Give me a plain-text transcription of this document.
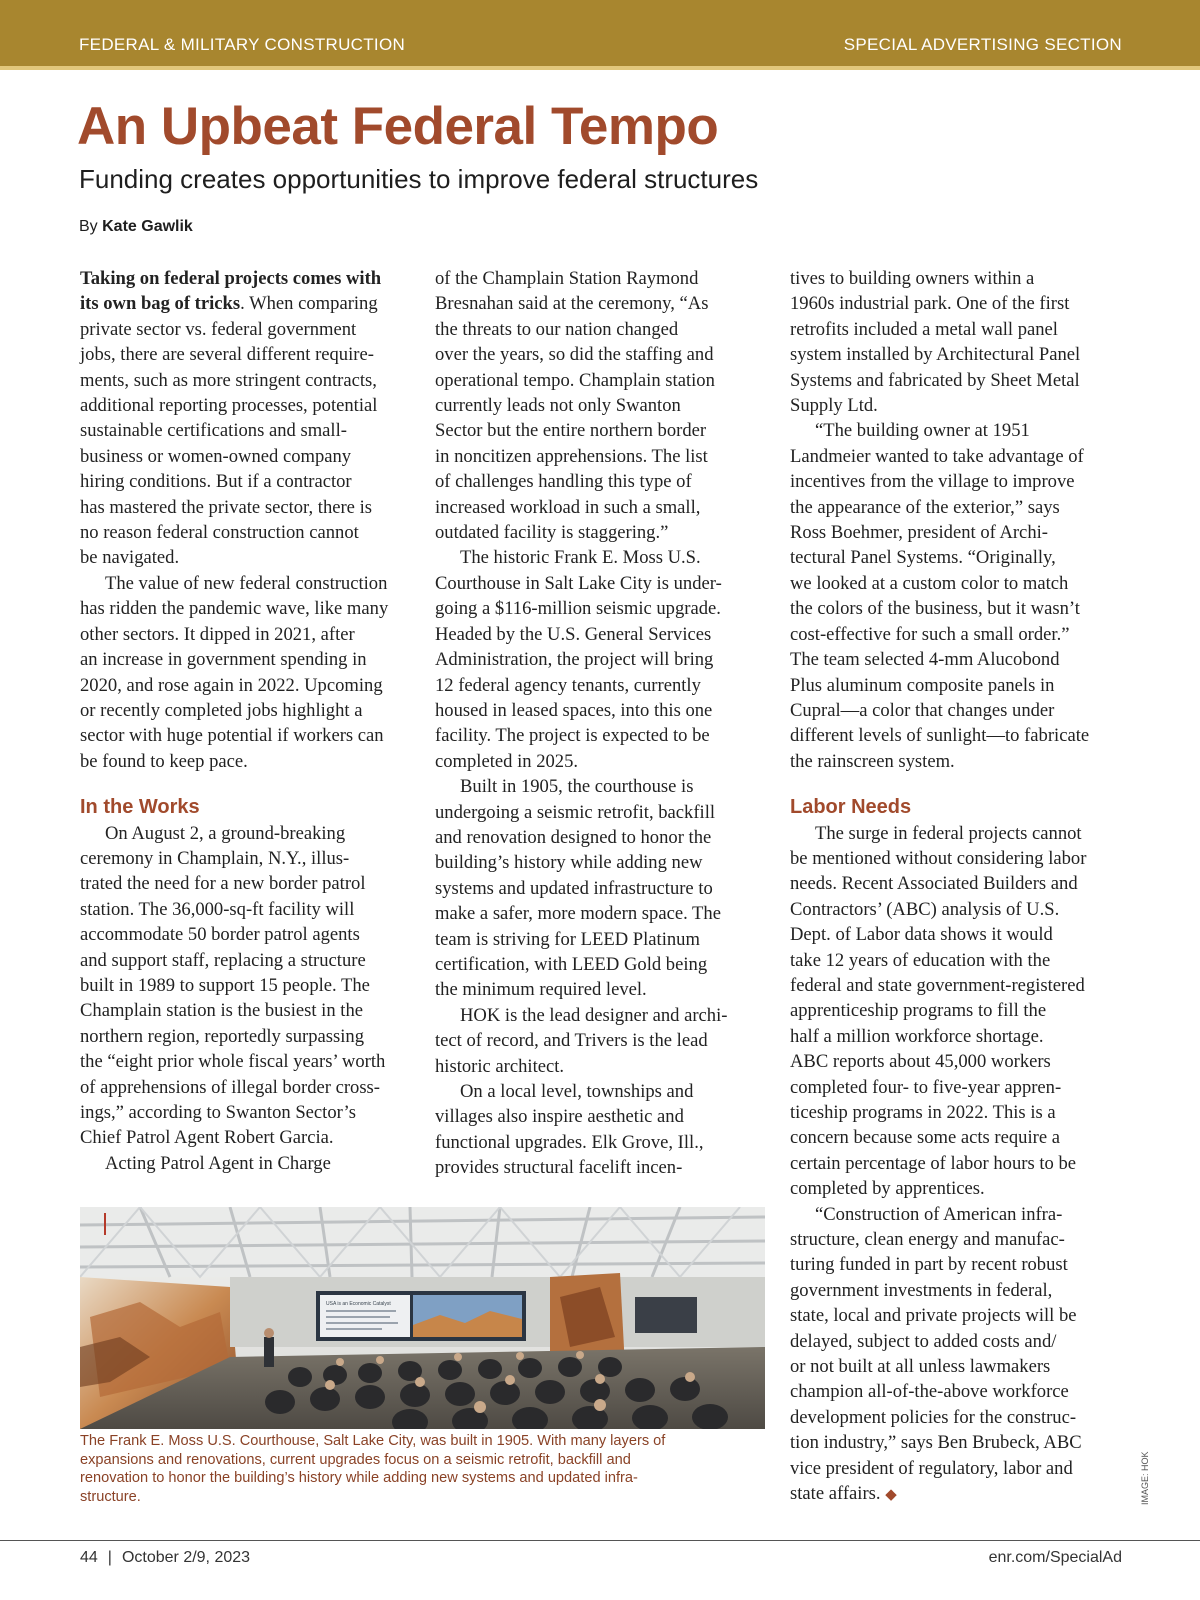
FEDERAL & MILITARY CONSTRUCTION	SPECIAL ADVERTISING SECTION
An Upbeat Federal Tempo
Funding creates opportunities to improve federal structures
By Kate Gawlik
Taking on federal projects comes with
its own bag of tricks. When comparing
private sector vs. federal government
jobs, there are several different require-
ments, such as more stringent contracts,
additional reporting processes, potential
sustainable certifications and small-
business or women-owned company
hiring conditions. But if a contractor
has mastered the private sector, there is
no reason federal construction cannot
be navigated.
The value of new federal construction
has ridden the pandemic wave, like many
other sectors. It dipped in 2021, after
an increase in government spending in
2020, and rose again in 2022. Upcoming
or recently completed jobs highlight a
sector with huge potential if workers can
be found to keep pace.
In the Works
On August 2, a ground-breaking
ceremony in Champlain, N.Y., illus-
trated the need for a new border patrol
station. The 36,000-sq-ft facility will
accommodate 50 border patrol agents
and support staff, replacing a structure
built in 1989 to support 15 people. The
Champlain station is the busiest in the
northern region, reportedly surpassing
the “eight prior whole fiscal years’ worth
of apprehensions of illegal border cross-
ings,” according to Swanton Sector’s
Chief Patrol Agent Robert Garcia.
Acting Patrol Agent in Charge
of the Champlain Station Raymond
Bresnahan said at the ceremony, “As
the threats to our nation changed
over the years, so did the staffing and
operational tempo. Champlain station
currently leads not only Swanton
Sector but the entire northern border
in noncitizen apprehensions. The list
of challenges handling this type of
increased workload in such a small,
outdated facility is staggering.”
The historic Frank E. Moss U.S.
Courthouse in Salt Lake City is under-
going a $116-million seismic upgrade.
Headed by the U.S. General Services
Administration, the project will bring
12 federal agency tenants, currently
housed in leased spaces, into this one
facility. The project is expected to be
completed in 2025.
Built in 1905, the courthouse is
undergoing a seismic retrofit, backfill
and renovation designed to honor the
building’s history while adding new
systems and updated infrastructure to
make a safer, more modern space. The
team is striving for LEED Platinum
certification, with LEED Gold being
the minimum required level.
HOK is the lead designer and archi-
tect of record, and Trivers is the lead
historic architect.
On a local level, townships and
villages also inspire aesthetic and
functional upgrades. Elk Grove, Ill.,
provides structural facelift incen-
tives to building owners within a
1960s industrial park. One of the first
retrofits included a metal wall panel
system installed by Architectural Panel
Systems and fabricated by Sheet Metal
Supply Ltd.
“The building owner at 1951
Landmeier wanted to take advantage of
incentives from the village to improve
the appearance of the exterior,” says
Ross Boehmer, president of Archi-
tectural Panel Systems. “Originally,
we looked at a custom color to match
the colors of the business, but it wasn’t
cost-effective for such a small order.”
The team selected 4-mm Alucobond
Plus aluminum composite panels in
Cupral—a color that changes under
different levels of sunlight—to fabricate
the rainscreen system.
Labor Needs
The surge in federal projects cannot
be mentioned without considering labor
needs. Recent Associated Builders and
Contractors’ (ABC) analysis of U.S.
Dept. of Labor data shows it would
take 12 years of education with the
federal and state government-registered
apprenticeship programs to fill the
half a million workforce shortage.
ABC reports about 45,000 workers
completed four- to five-year appren-
ticeship programs in 2022. This is a
concern because some acts require a
certain percentage of labor hours to be
completed by apprentices.
“Construction of American infra-
structure, clean energy and manufac-
turing funded in part by recent robust
government investments in federal,
state, local and private projects will be
delayed, subject to added costs and/
or not built at all unless lawmakers
champion all-of-the-above workforce
development policies for the construc-
tion industry,” says Ben Brubeck, ABC
vice president of regulatory, labor and
state affairs. ◆
USA is an Economic Catalyst
The Frank E. Moss U.S. Courthouse, Salt Lake City, was built in 1905. With many layers of
expansions and renovations, current upgrades focus on a seismic retrofit, backfill and
renovation to honor the building’s history while adding new systems and updated infra-
structure.	IMAGE: HOK
44 | October 2/9, 2023	enr.com/SpecialAd
